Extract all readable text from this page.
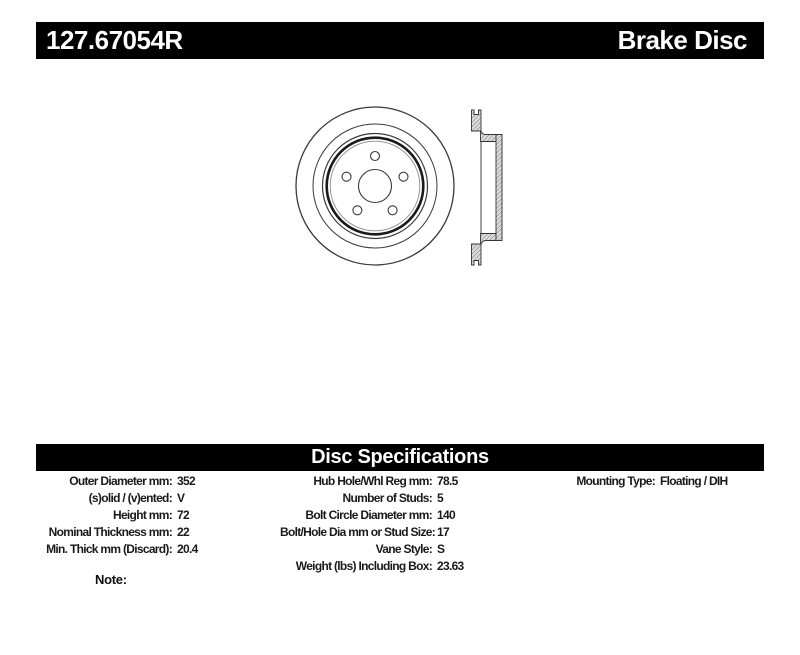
127.67054R	Brake Disc
Disc Specifications
Outer Diameter mm: 352
(s)olid / (v)ented: V
Height mm: 72
Nominal Thickness mm: 22
Min. Thick mm (Discard): 20.4
Hub Hole/Whl Reg mm: 78.5
Number of Studs: 5
Bolt Circle Diameter mm: 140
Bolt/Hole Dia mm or Stud Size: 17
Vane Style: S
Weight (lbs) Including Box: 23.63
Mounting Type: Floating / DIH
Note:
